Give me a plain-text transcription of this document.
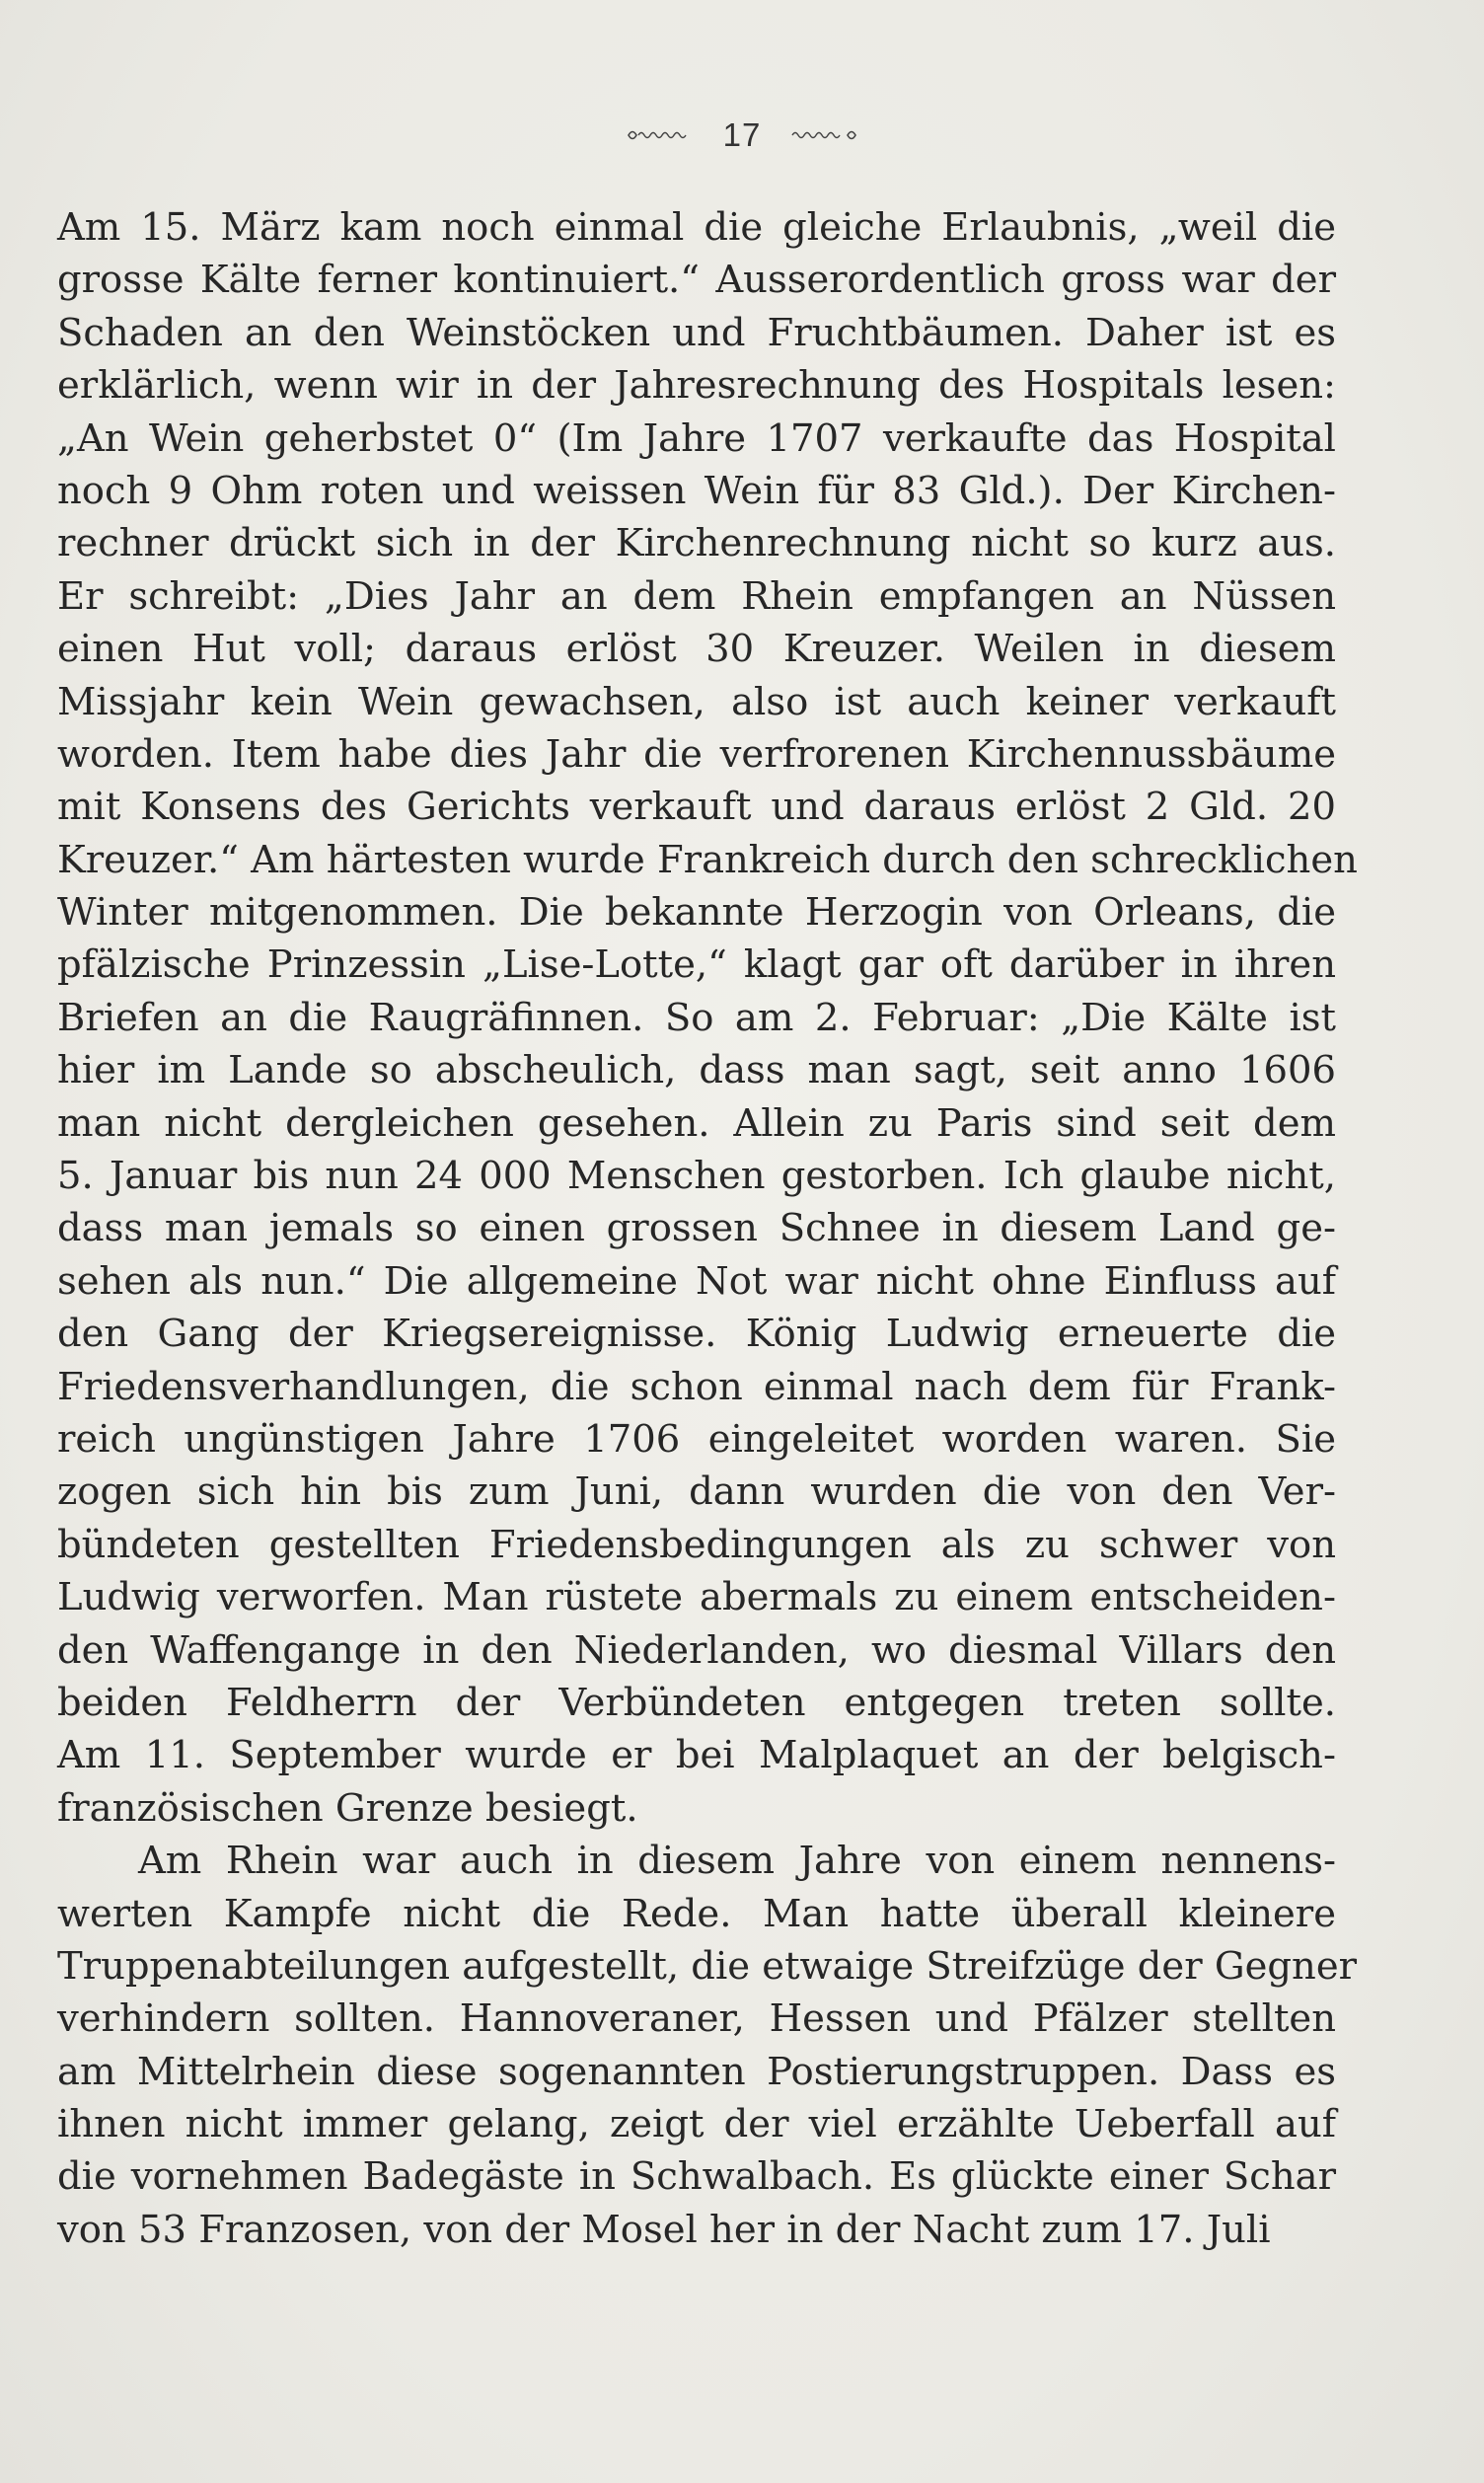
17
Am 15. März kam noch einmal die gleiche Erlaubnis, „weil die
grosse Kälte ferner kontinuiert.“ Ausserordentlich gross war der
Schaden an den Weinstöcken und Fruchtbäumen. Daher ist es
erklärlich, wenn wir in der Jahresrechnung des Hospitals lesen:
„An Wein geherbstet 0“ (Im Jahre 1707 verkaufte das Hospital
noch 9 Ohm roten und weissen Wein für 83 Gld.). Der Kirchen-
rechner drückt sich in der Kirchenrechnung nicht so kurz aus.
Er schreibt: „Dies Jahr an dem Rhein empfangen an Nüssen
einen Hut voll; daraus erlöst 30 Kreuzer. Weilen in diesem
Missjahr kein Wein gewachsen, also ist auch keiner verkauft
worden. Item habe dies Jahr die verfrorenen Kirchennussbäume
mit Konsens des Gerichts verkauft und daraus erlöst 2 Gld. 20
Kreuzer.“ Am härtesten wurde Frankreich durch den schrecklichen
Winter mitgenommen. Die bekannte Herzogin von Orleans, die
pfälzische Prinzessin „Lise-Lotte,“ klagt gar oft darüber in ihren
Briefen an die Raugräfinnen. So am 2. Februar: „Die Kälte ist
hier im Lande so abscheulich, dass man sagt, seit anno 1606
man nicht dergleichen gesehen. Allein zu Paris sind seit dem
5. Januar bis nun 24 000 Menschen gestorben. Ich glaube nicht,
dass man jemals so einen grossen Schnee in diesem Land ge-
sehen als nun.“ Die allgemeine Not war nicht ohne Einfluss auf
den Gang der Kriegsereignisse. König Ludwig erneuerte die
Friedensverhandlungen, die schon einmal nach dem für Frank-
reich ungünstigen Jahre 1706 eingeleitet worden waren. Sie
zogen sich hin bis zum Juni, dann wurden die von den Ver-
bündeten gestellten Friedensbedingungen als zu schwer von
Ludwig verworfen. Man rüstete abermals zu einem entscheiden-
den Waffengange in den Niederlanden, wo diesmal Villars den
beiden Feldherrn der Verbündeten entgegen treten sollte.
Am 11. September wurde er bei Malplaquet an der belgisch-
französischen Grenze besiegt.
Am Rhein war auch in diesem Jahre von einem nennens-
werten Kampfe nicht die Rede. Man hatte überall kleinere
Truppenabteilungen aufgestellt, die etwaige Streifzüge der Gegner
verhindern sollten. Hannoveraner, Hessen und Pfälzer stellten
am Mittelrhein diese sogenannten Postierungstruppen. Dass es
ihnen nicht immer gelang, zeigt der viel erzählte Ueberfall auf
die vornehmen Badegäste in Schwalbach. Es glückte einer Schar
von 53 Franzosen, von der Mosel her in der Nacht zum 17. Juli
